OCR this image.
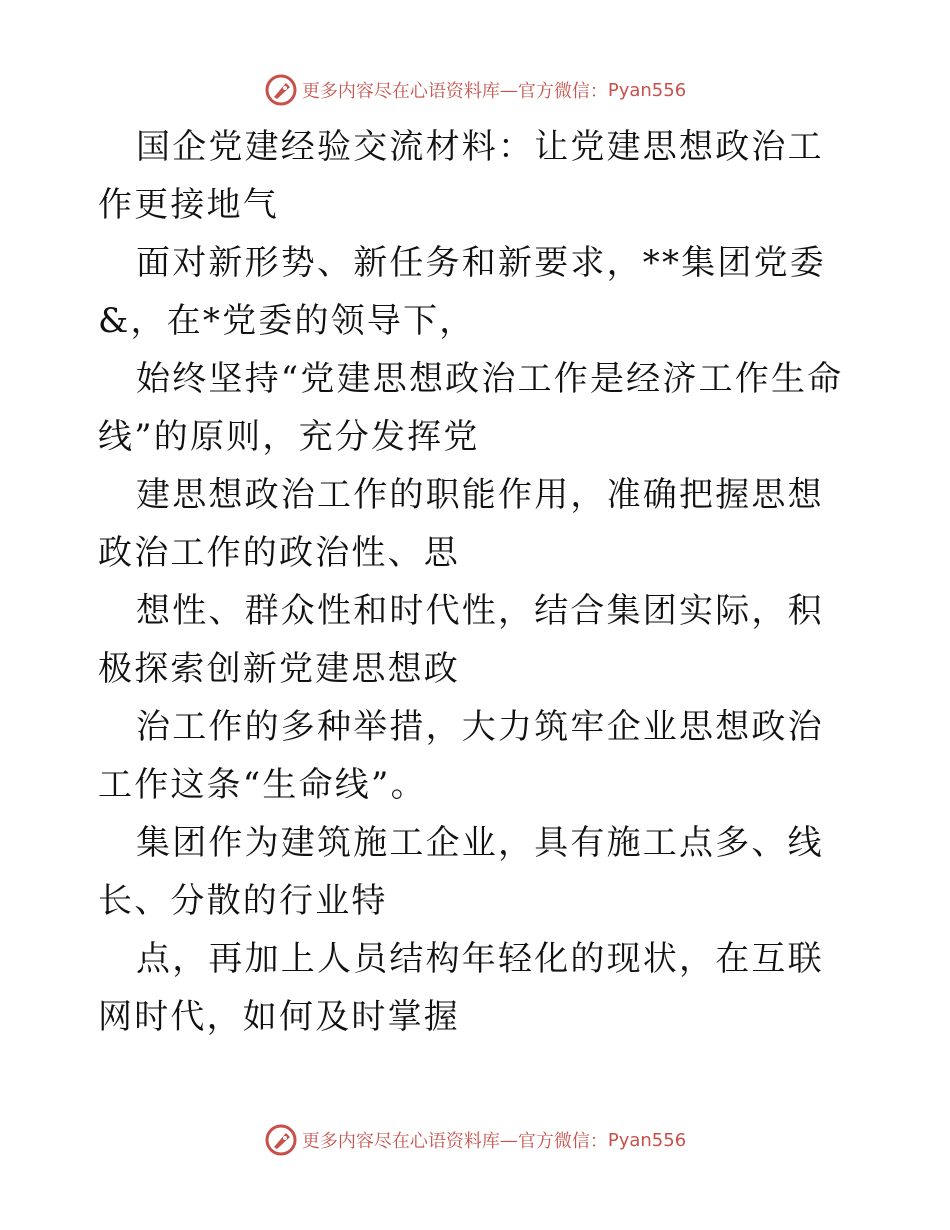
更多内容尽在心语资料库 — 官方微信： Pyan556

国企党建经验交流材料：让党建思想政治工作更接地气

面对新形势、新任务和新要求，**集团党委&，在*党委的领导下，

始终坚持“党建思想政治工作是经济工作生命线”的原则，充分发挥党

建思想政治工作的职能作用，准确把握思想政治工作的政治性、思

想性、群众性和时代性，结合集团实际，积极探索创新党建思想政

治工作的多种举措，大力筑牢企业思想政治工作这条“生命线”。

集团作为建筑施工企业，具有施工点多、线长、分散的行业特

点，再加上人员结构年轻化的现状，在互联网时代，如何及时掌握

更多内容尽在心语资料库 — 官方微信： Pyan556
